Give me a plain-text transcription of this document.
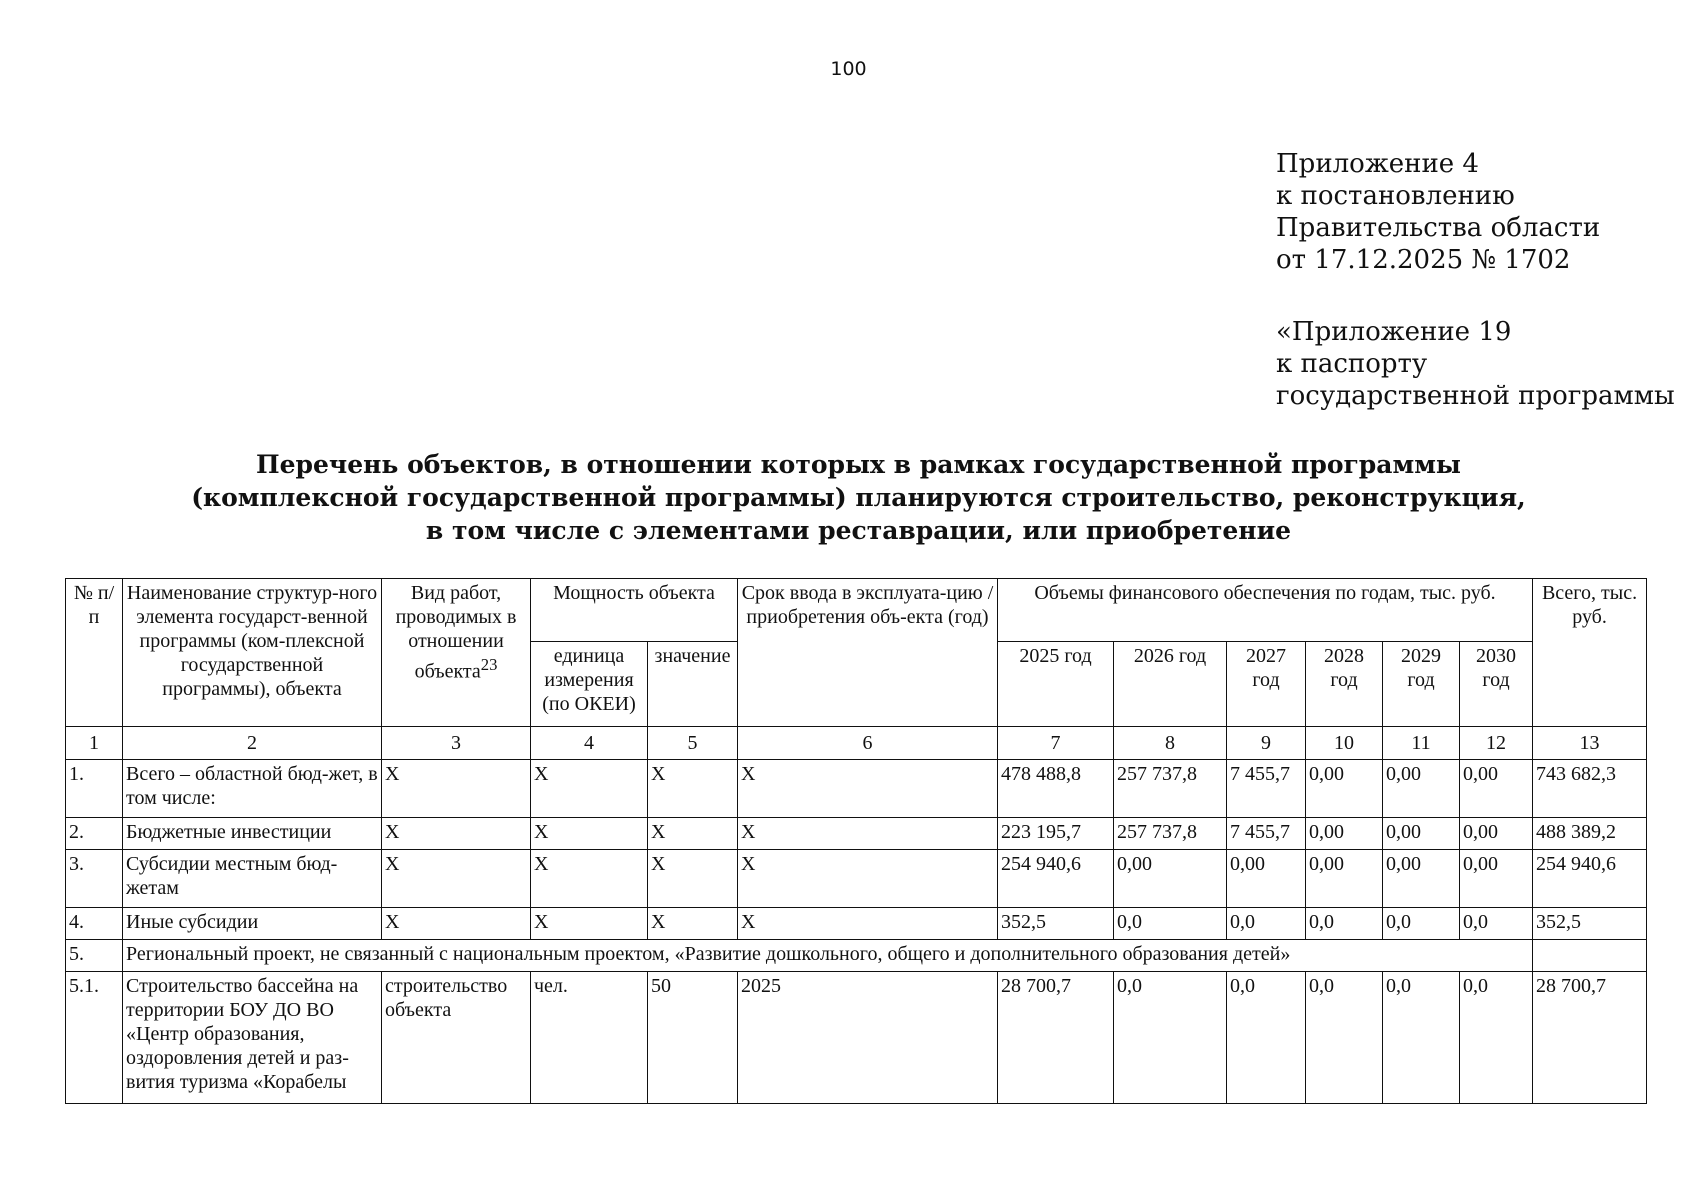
100
Приложение 4
к постановлению
Правительства области
от 17.12.2025 № 1702
«Приложение 19
к паспорту
государственной программы
Перечень объектов, в отношении которых в рамках государственной программы
(комплексной государственной программы) планируются строительство, реконструкция,
в том числе с элементами реставрации, или приобретение
№ п/п	Наименование структур-ного элемента государст-венной программы (ком-плексной государственной программы), объекта	Вид работ, проводимых в отношении объекта$^{23}$	Мощность объекта		Срок ввода в эксплуата-цию / приобретения объ-екта (год)	Объемы финансового обеспечения по годам, тыс. руб.						Всего, тыс. руб.
			единица измерения (по ОКЕИ)	значение		2025 год	2026 год	2027 год	2028 год	2029 год	2030 год	
1	2	3	4	5	6	7	8	9	10	11	12	13
1.	Всего – областной бюд-жет, в том числе:	X	X	X	X	478 488,8	257 737,8	7 455,7	0,00	0,00	0,00	743 682,3
2.	Бюджетные инвестиции	X	X	X	X	223 195,7	257 737,8	7 455,7	0,00	0,00	0,00	488 389,2
3.	Субсидии местным бюд-жетам	X	X	X	X	254 940,6	0,00	0,00	0,00	0,00	0,00	254 940,6
4.	Иные субсидии	X	X	X	X	352,5	0,0	0,0	0,0	0,0	0,0	352,5
5.	Региональный проект, не связанный с национальным проектом, «Развитие дошкольного, общего и дополнительного образования детей»											
5.1.	Строительство бассейна на территории БОУ ДО ВО «Центр образования, оздоровления детей и раз-вития туризма «Корабелы	строительство объекта	чел.	50	2025	28 700,7	0,0	0,0	0,0	0,0	0,0	28 700,7
